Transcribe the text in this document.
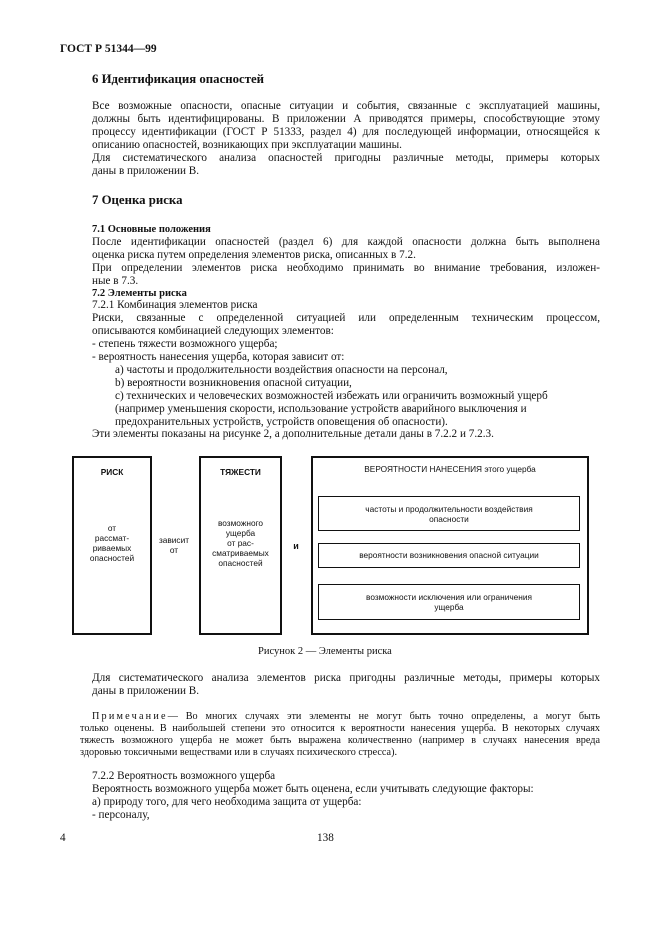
ГОСТ Р 51344—99
6 Идентификация опасностей
Все возможные опасности, опасные ситуации и события, связанные с эксплуатацией машины,
должны быть идентифицированы. В приложении А приводятся примеры, способствующие этому
процессу идентификации (ГОСТ Р 51333, раздел 4) для последующей информации, относящейся к
описанию опасностей, возникающих при эксплуатации машины.
Для систематического анализа опасностей пригодны различные методы, примеры которых
даны в приложении В.
7 Оценка риска
7.1 Основные положения
После идентификации опасностей (раздел 6) для каждой опасности должна быть выполнена
оценка риска путем определения элементов риска, описанных в 7.2.
При определении элементов риска необходимо принимать во внимание требования, изложен-
ные в 7.3.
7.2 Элементы риска
7.2.1 Комбинация элементов риска
Риски, связанные с определенной ситуацией или определенным техническим процессом,
описываются комбинацией следующих элементов:
- степень тяжести возможного ущерба;
- вероятность нанесения ущерба, которая зависит от:
a) частоты и продолжительности воздействия опасности на персонал,
b) вероятности возникновения опасной ситуации,
c) технических и человеческих возможностей избежать или ограничить возможный ущерб
(например уменьшения скорости, использование устройств аварийного выключения и
предохранительных устройств, устройств оповещения об опасности).
Эти элементы показаны на рисунке 2, а дополнительные детали даны в 7.2.2 и 7.2.3.
РИСК
от
рассмат-
риваемых
опасностей
зависит
от
ТЯЖЕСТИ
возможного
ущерба
от рас-
сматриваемых
опасностей
и
ВЕРОЯТНОСТИ НАНЕСЕНИЯ этого ущерба
частоты и продолжительности воздействия
опасности
вероятности возникновения опасной ситуации
возможности исключения или ограничения
ущерба
Рисунок 2 — Элементы риска
Для систематического анализа элементов риска пригодны различные методы, примеры которых
даны в приложении В.
Примечание — Во многих случаях эти элементы не могут быть точно определены, а могут быть
только оценены. В наибольшей степени это относится к вероятности нанесения ущерба. В некоторых случаях
тяжесть возможного ущерба не может быть выражена количественно (например в случаях нанесения вреда
здоровью токсичными веществами или в случаях психического стресса).
7.2.2 Вероятность возможного ущерба
Вероятность возможного ущерба может быть оценена, если учитывать следующие факторы:
а) природу того, для чего необходима защита от ущерба:
- персоналу,
4	138
